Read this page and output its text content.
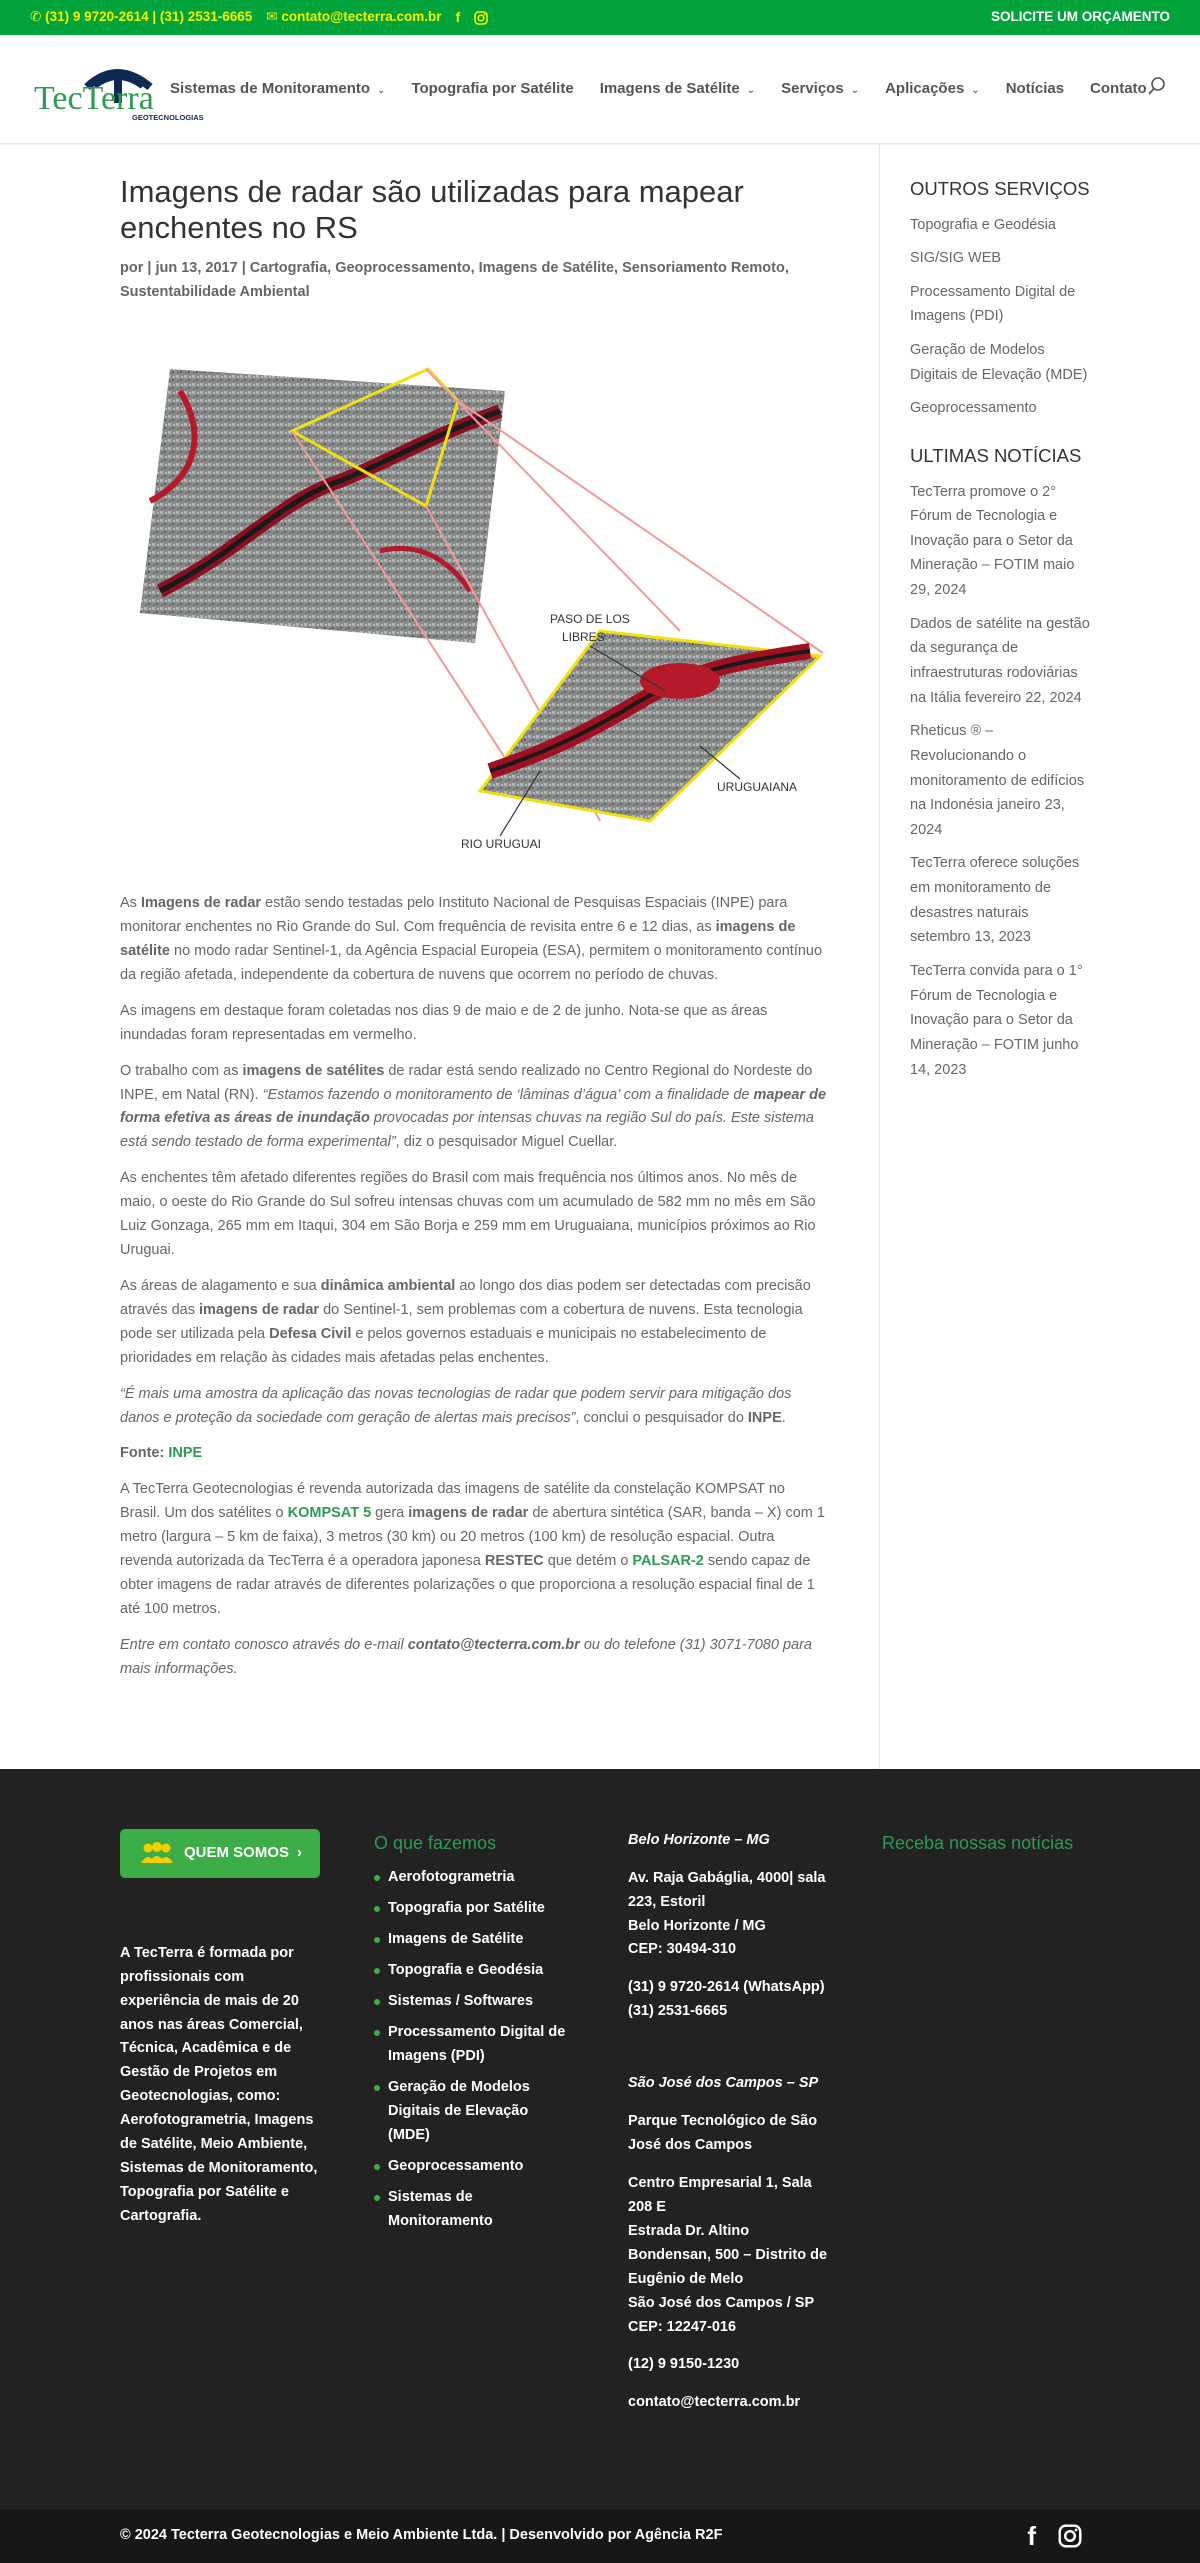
✆ (31) 9 9720-2614 | (31) 2531-6665 ✉ contato@tecterra.com.br f	SOLICITE UM ORÇAMENTO
TecTerra
GEOTECNOLOGIAS
Sistemas de Monitoramento ⌄ Topografia por Satélite Imagens de Satélite ⌄ Serviços ⌄ Aplicações ⌄ Notícias Contato
Imagens de radar são utilizadas para mapear enchentes no RS
por | jun 13, 2017 | Cartografia, Geoprocessamento, Imagens de Satélite, Sensoriamento Remoto, Sustentabilidade Ambiental
PASO DE LOS
LIBRES
URUGUAIANA
RIO URUGUAI

As Imagens de radar estão sendo testadas pelo Instituto Nacional de Pesquisas Espaciais (INPE) para monitorar enchentes no Rio Grande do Sul. Com frequência de revisita entre 6 e 12 dias, as imagens de satélite no modo radar Sentinel-1, da Agência Espacial Europeia (ESA), permitem o monitoramento contínuo da região afetada, independente da cobertura de nuvens que ocorrem no período de chuvas.

As imagens em destaque foram coletadas nos dias 9 de maio e de 2 de junho. Nota-se que as áreas inundadas foram representadas em vermelho.

O trabalho com as imagens de satélites de radar está sendo realizado no Centro Regional do Nordeste do INPE, em Natal (RN). “Estamos fazendo o monitoramento de ‘lâminas d’água’ com a finalidade de mapear de forma efetiva as áreas de inundação provocadas por intensas chuvas na região Sul do país. Este sistema está sendo testado de forma experimental”, diz o pesquisador Miguel Cuellar.

As enchentes têm afetado diferentes regiões do Brasil com mais frequência nos últimos anos. No mês de maio, o oeste do Rio Grande do Sul sofreu intensas chuvas com um acumulado de 582 mm no mês em São Luiz Gonzaga, 265 mm em Itaqui, 304 em São Borja e 259 mm em Uruguaiana, municípios próximos ao Rio Uruguai.

As áreas de alagamento e sua dinâmica ambiental ao longo dos dias podem ser detectadas com precisão através das imagens de radar do Sentinel-1, sem problemas com a cobertura de nuvens. Esta tecnologia pode ser utilizada pela Defesa Civil e pelos governos estaduais e municipais no estabelecimento de prioridades em relação às cidades mais afetadas pelas enchentes.

“É mais uma amostra da aplicação das novas tecnologias de radar que podem servir para mitigação dos danos e proteção da sociedade com geração de alertas mais precisos”, conclui o pesquisador do INPE.

Fonte: INPE

A TecTerra Geotecnologias é revenda autorizada das imagens de satélite da constelação KOMPSAT no Brasil. Um dos satélites o KOMPSAT 5 gera imagens de radar de abertura sintética (SAR, banda – X) com 1 metro (largura – 5 km de faixa), 3 metros (30 km) ou 20 metros (100 km) de resolução espacial. Outra revenda autorizada da TecTerra é a operadora japonesa RESTEC que detém o PALSAR-2 sendo capaz de obter imagens de radar através de diferentes polarizações o que proporciona a resolução espacial final de 1 até 100 metros.

Entre em contato conosco através do e-mail contato@tecterra.com.br ou do telefone (31) 3071-7080 para mais informações.

OUTROS SERVIÇOS
Topografia e Geodésia
SIG/SIG WEB
Processamento Digital de Imagens (PDI)
Geração de Modelos Digitais de Elevação (MDE)
Geoprocessamento
ULTIMAS NOTÍCIAS
TecTerra promove o 2° Fórum de Tecnologia e Inovação para o Setor da Mineração – FOTIM maio 29, 2024
Dados de satélite na gestão da segurança de infraestruturas rodoviárias na Itália fevereiro 22, 2024
Rheticus ® – Revolucionando o monitoramento de edifícios na Indonésia janeiro 23, 2024
TecTerra oferece soluções em monitoramento de desastres naturais setembro 13, 2023
TecTerra convida para o 1° Fórum de Tecnologia e Inovação para o Setor da Mineração – FOTIM junho 14, 2023
QUEM SOMOS ›
A TecTerra é formada por profissionais com experiência de mais de 20 anos nas áreas Comercial, Técnica, Acadêmica e de Gestão de Projetos em Geotecnologias, como: Aerofotogrametria, Imagens de Satélite, Meio Ambiente, Sistemas de Monitoramento, Topografia por Satélite e Cartografia.
O que fazemos
Aerofotogrametria
Topografia por Satélite
Imagens de Satélite
Topografia e Geodésia
Sistemas / Softwares
Processamento Digital de Imagens (PDI)
Geração de Modelos Digitais de Elevação (MDE)
Geoprocessamento
Sistemas de Monitoramento
Belo Horizonte – MG
Av. Raja Gabáglia, 4000| sala 223, Estoril
Belo Horizonte / MG
CEP: 30494-310
(31) 9 9720-2614 (WhatsApp)
(31) 2531-6665
São José dos Campos – SP
Parque Tecnológico de São José dos Campos
Centro Empresarial 1, Sala 208 E
Estrada Dr. Altino Bondensan, 500 – Distrito de Eugênio de Melo
São José dos Campos / SP
CEP: 12247-016
(12) 9 9150-1230
contato@tecterra.com.br
Receba nossas notícias
© 2024 Tecterra Geotecnologias e Meio Ambiente Ltda. | Desenvolvido por Agência R2F	f
